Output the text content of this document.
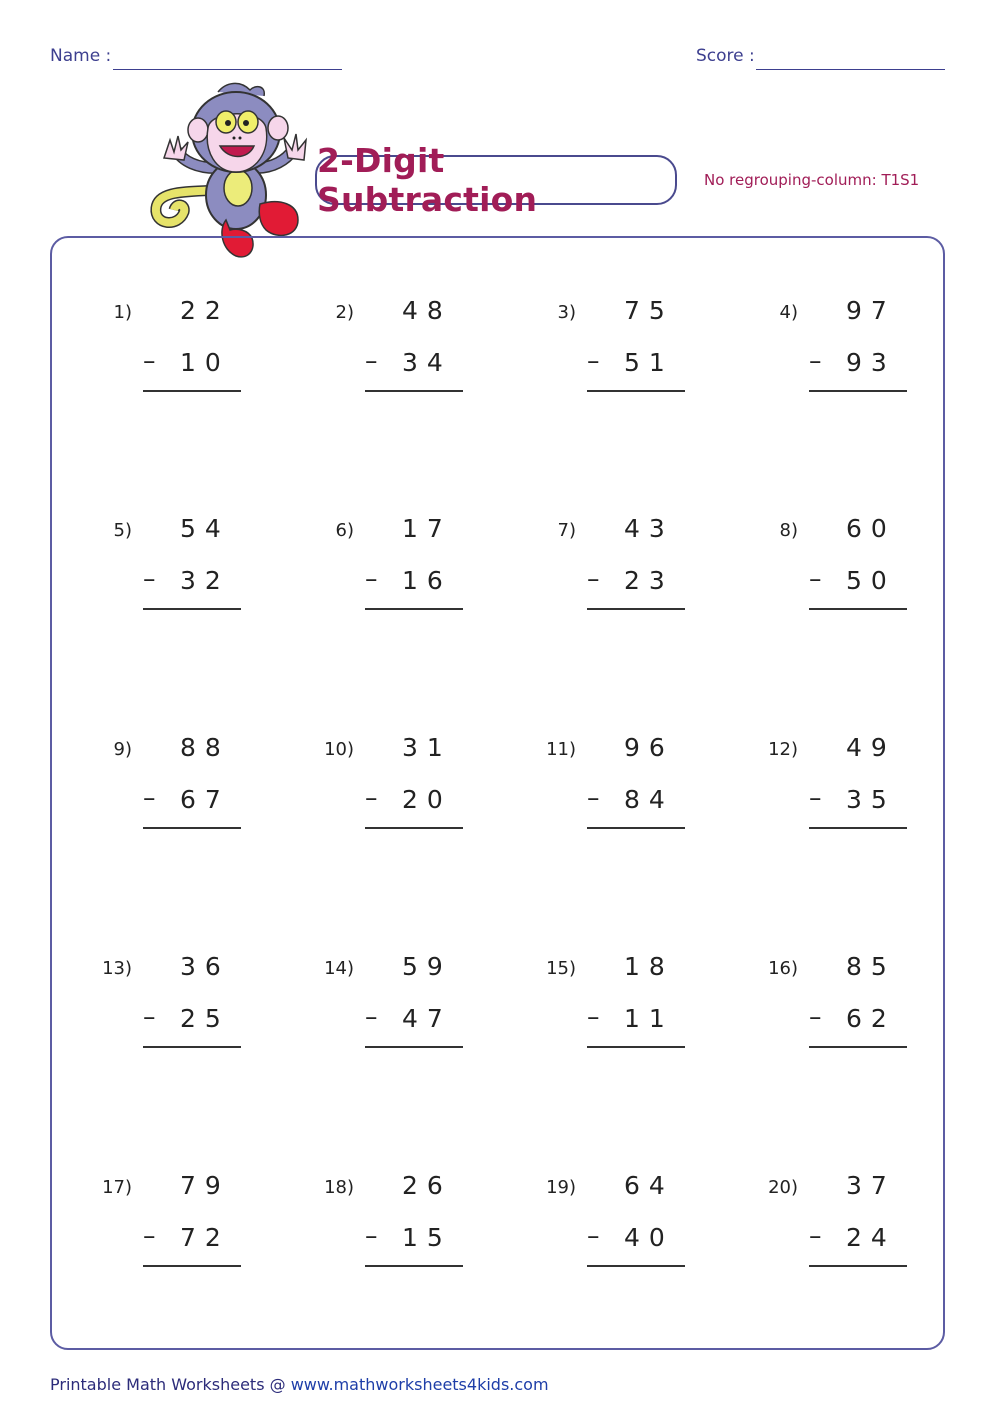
Name :	Score :
2-Digit Subtraction	No regrouping-column: T1S1
1) 22
– 10
2) 48
– 34
3) 75
– 51
4) 97
– 93
5) 54
– 32
6) 17
– 16
7) 43
– 23
8) 60
– 50
9) 88
– 67
10) 31
– 20
11) 96
– 84
12) 49
– 35
13) 36
– 25
14) 59
– 47
15) 18
– 11
16) 85
– 62
17) 79
– 72
18) 26
– 15
19) 64
– 40
20) 37
– 24
Printable Math Worksheets @ www.mathworksheets4kids.com
